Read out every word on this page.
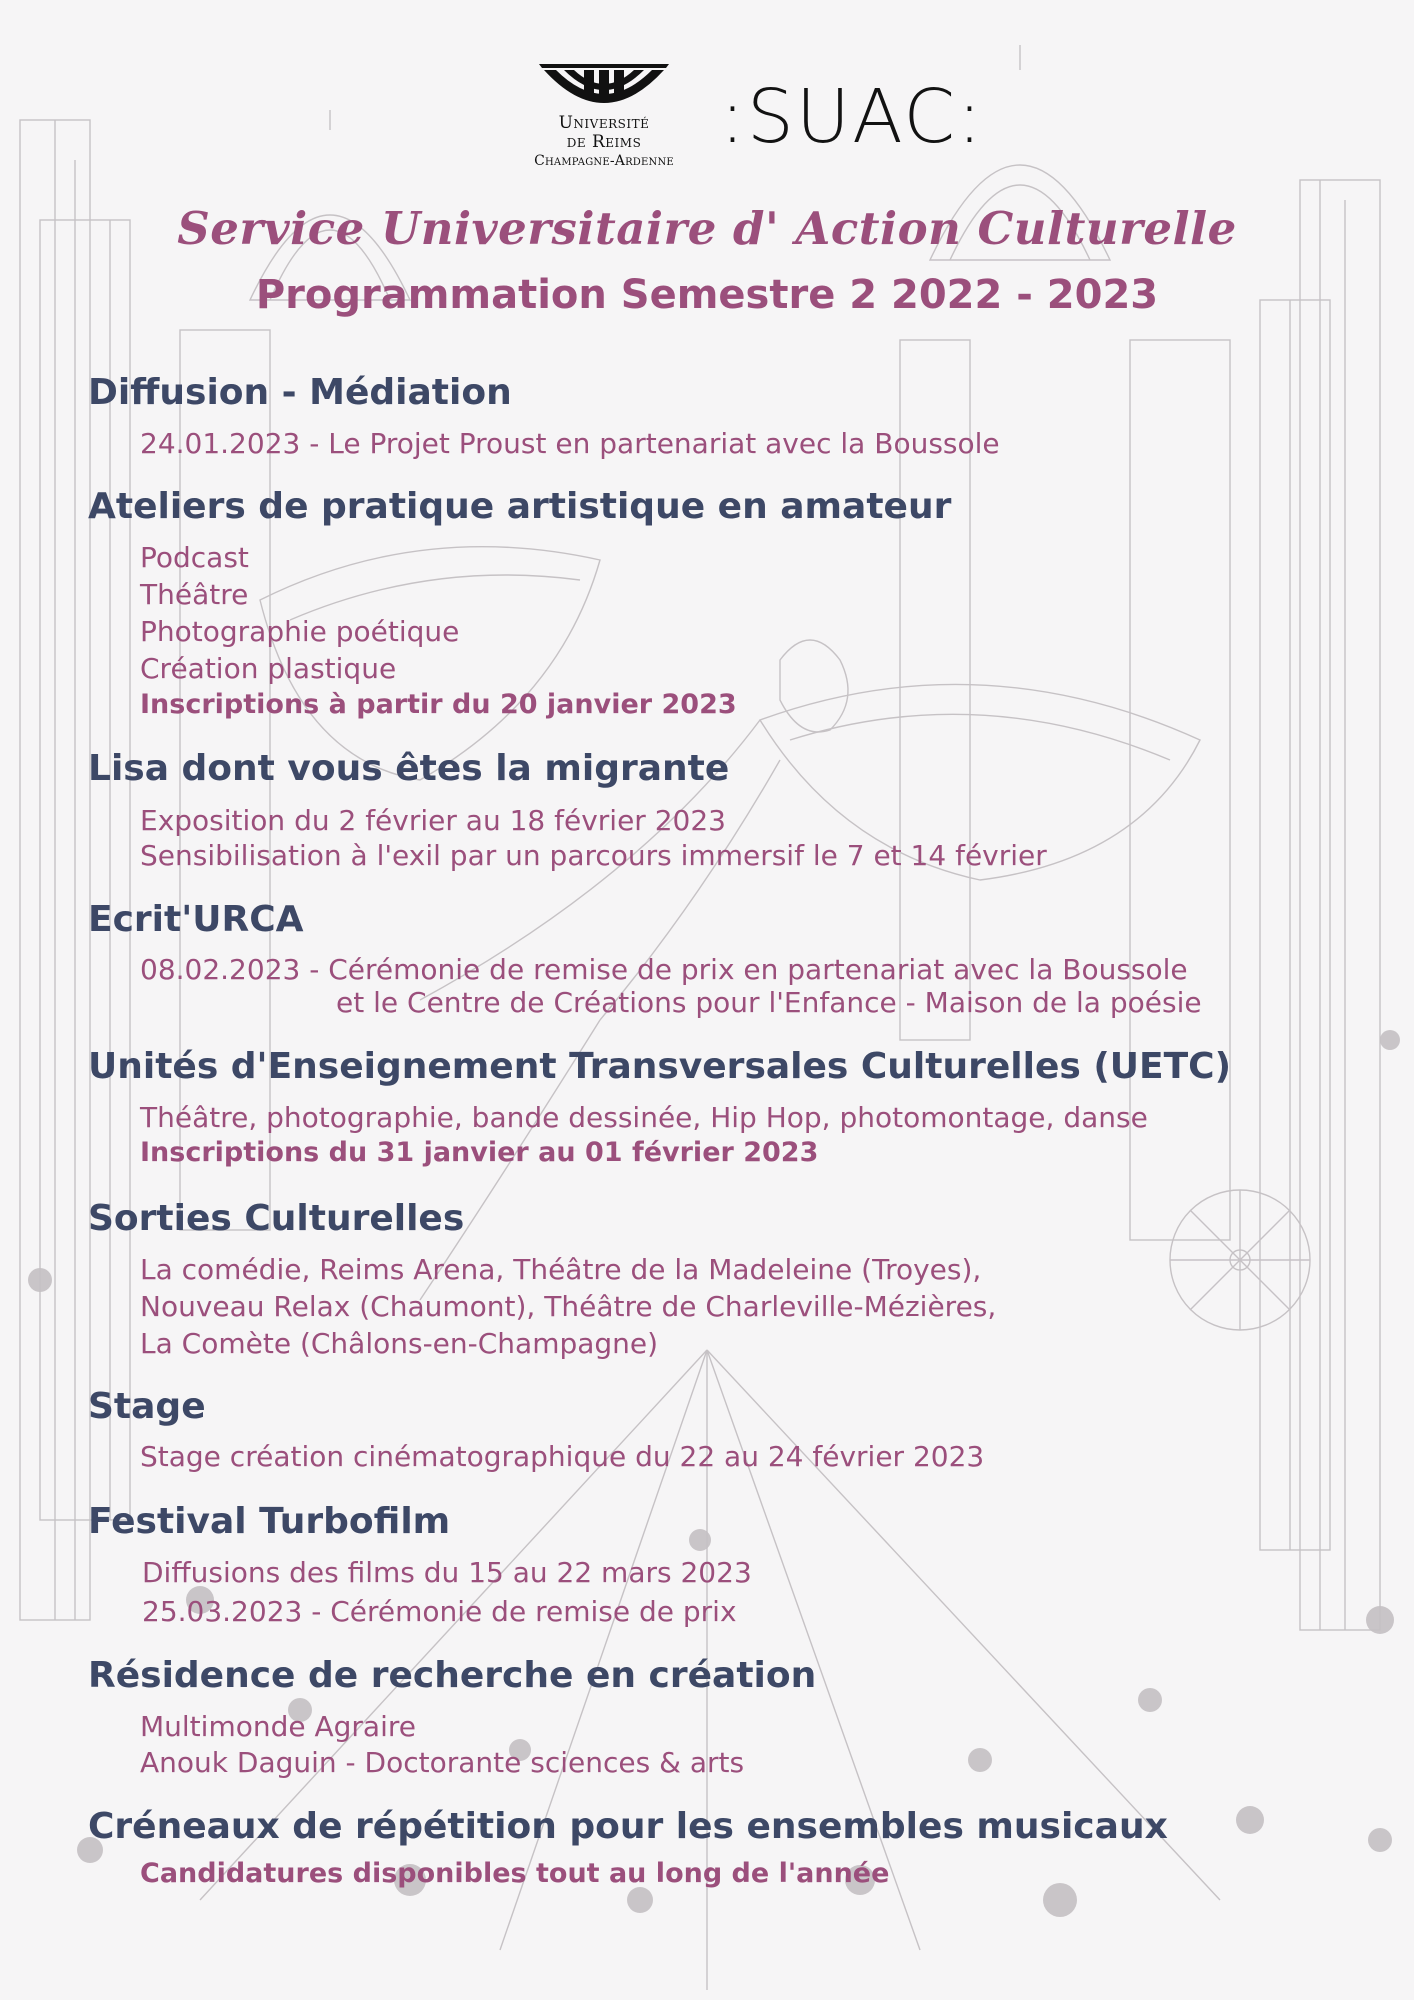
Université
de Reims
Champagne-Ardenne
:SUAC:
Service Universitaire d' Action Culturelle
Programmation Semestre 2 2022 - 2023
Diffusion - Médiation
24.01.2023 - Le Projet Proust en partenariat avec la Boussole
Ateliers de pratique artistique en amateur
Podcast
Théâtre
Photographie poétique
Création plastique
Inscriptions à partir du 20 janvier 2023
Lisa dont vous êtes la migrante
Exposition du 2 février au 18 février 2023
Sensibilisation à l'exil par un parcours immersif le 7 et 14 février
Ecrit'URCA
08.02.2023 - Cérémonie de remise de prix en partenariat avec la Boussole
et le Centre de Créations pour l'Enfance - Maison de la poésie
Unités d'Enseignement Transversales Culturelles (UETC)
Théâtre, photographie, bande dessinée, Hip Hop, photomontage, danse
Inscriptions du 31 janvier au 01 février 2023
Sorties Culturelles
La comédie, Reims Arena, Théâtre de la Madeleine (Troyes),
Nouveau Relax (Chaumont), Théâtre de Charleville-Mézières,
La Comète (Châlons-en-Champagne)
Stage
Stage création cinématographique du 22 au 24 février 2023
Festival Turbofilm
Diffusions des films du 15 au 22 mars 2023
25.03.2023 - Cérémonie de remise de prix
Résidence de recherche en création
Multimonde Agraire
Anouk Daguin - Doctorante sciences & arts
Créneaux de répétition pour les ensembles musicaux
Candidatures disponibles tout au long de l'année
